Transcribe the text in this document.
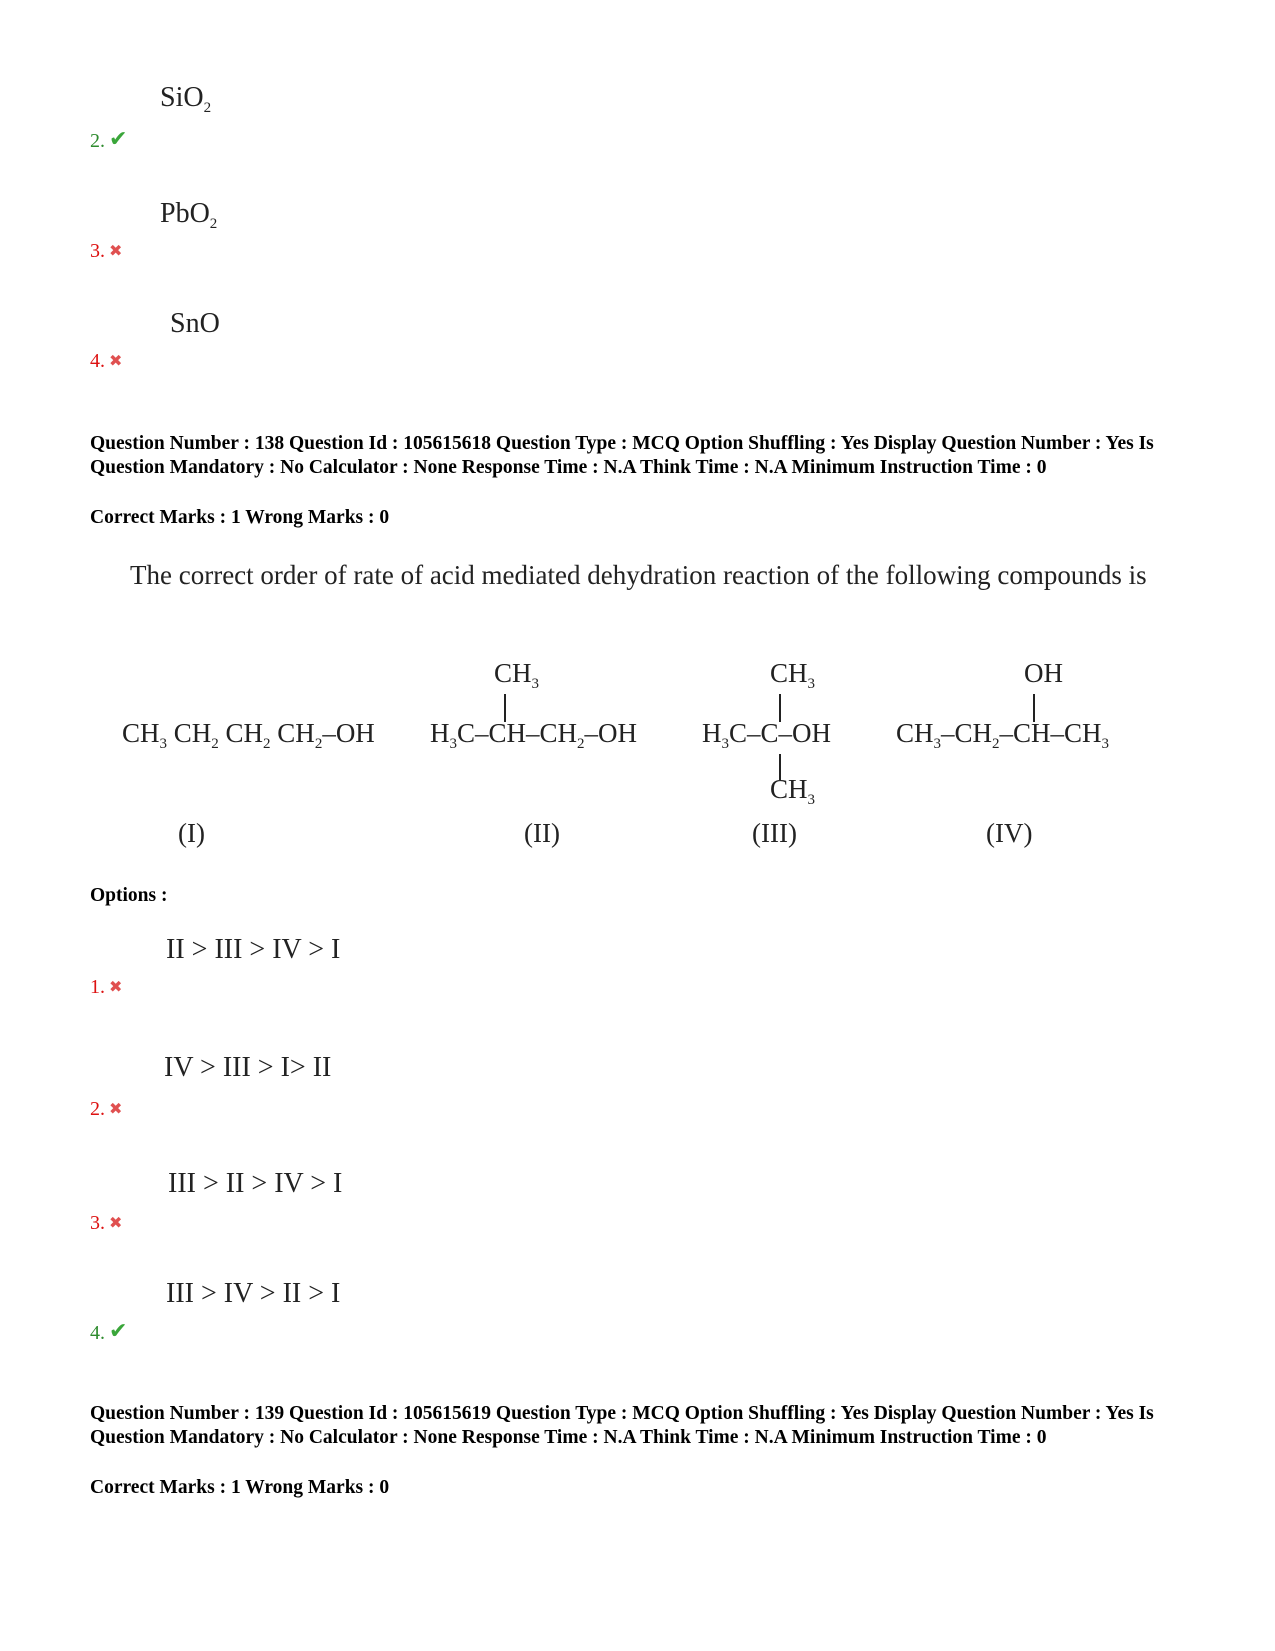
SiO$_2$
2. ✔
PbO$_2$
3. ✖
SnO
4. ✖
Question Number : 138 Question Id : 105615618 Question Type : MCQ Option Shuffling : Yes Display Question Number : Yes Is Question Mandatory : No Calculator : None Response Time : N.A Think Time : N.A Minimum Instruction Time : 0
Correct Marks : 1 Wrong Marks : 0
The correct order of rate of acid mediated dehydration reaction of the following compounds is
$CH_3$ $CH_2$ $CH_2$ $CH_2-OH$
$CH_3$
$H_3C-CH-CH_2-OH$
$CH_3$
$H_3C-C-OH$
$CH_3$
OH
$CH_3-CH_2-CH-CH_3$
(I)	(II)	(III)	(IV)
Options :
II > III > IV > I
1. ✖
IV > III > I> II
2. ✖
III > II > IV > I
3. ✖
III > IV > II > I
4. ✔
Question Number : 139 Question Id : 105615619 Question Type : MCQ Option Shuffling : Yes Display Question Number : Yes Is Question Mandatory : No Calculator : None Response Time : N.A Think Time : N.A Minimum Instruction Time : 0
Correct Marks : 1 Wrong Marks : 0
